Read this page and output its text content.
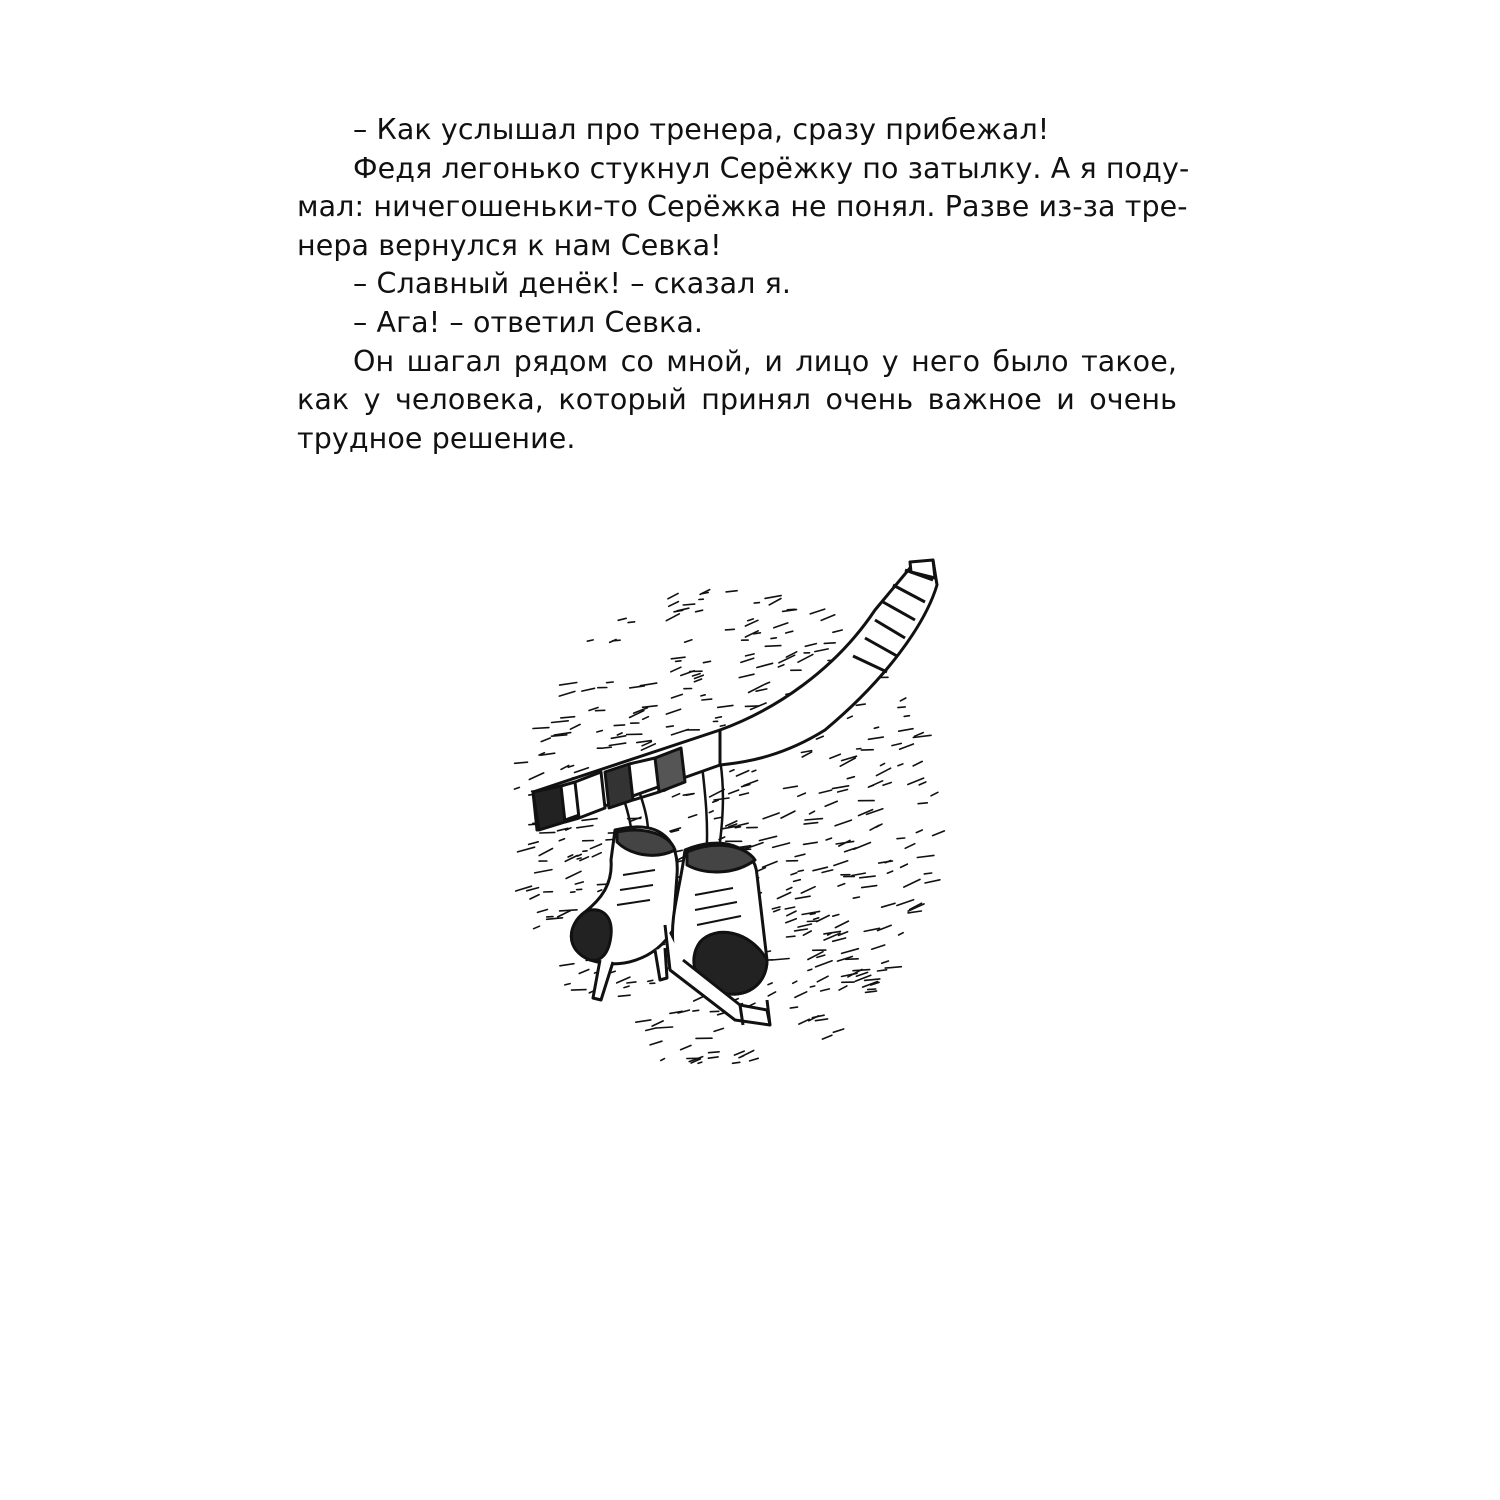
– Как услышал про тренера, сразу прибежал!
Федя легонько стукнул Серёжку по затылку. А я поду-
мал: ничегошеньки-то Серёжка не понял. Разве из-за тре-
нера вернулся к нам Севка!
– Славный денёк! – сказал я.
– Ага! – ответил Севка.
Он шагал рядом со мной, и лицо у него было такое,
как у человека, который принял очень важное и очень
трудное решение.
